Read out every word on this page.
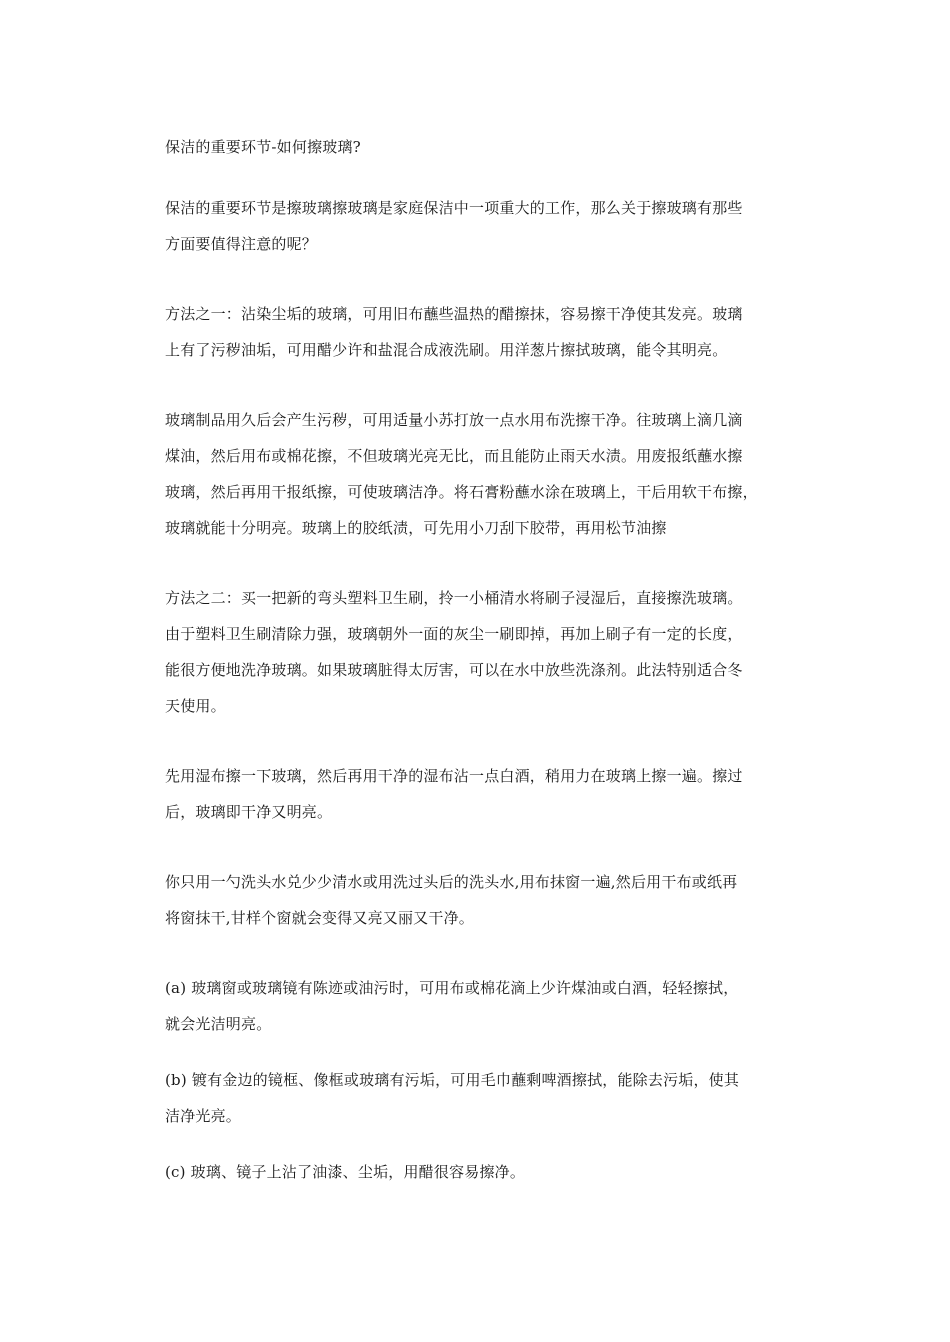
保洁的重要环节-如何擦玻璃?

保洁的重要环节是擦玻璃擦玻璃是家庭保洁中一项重大的工作，那么关于擦玻璃有那些

方面要值得注意的呢？

方法之一：沾染尘垢的玻璃，可用旧布蘸些温热的醋擦抹，容易擦干净使其发亮。玻璃

上有了污秽油垢，可用醋少许和盐混合成液洗刷。用洋葱片擦拭玻璃，能令其明亮。

玻璃制品用久后会产生污秽，可用适量小苏打放一点水用布洗擦干净。往玻璃上滴几滴

煤油，然后用布或棉花擦，不但玻璃光亮无比，而且能防止雨天水渍。用废报纸蘸水擦

玻璃，然后再用干报纸擦，可使玻璃洁净。将石膏粉蘸水涂在玻璃上，干后用软干布擦，

玻璃就能十分明亮。玻璃上的胶纸渍，可先用小刀刮下胶带，再用松节油擦

方法之二：买一把新的弯头塑料卫生刷，拎一小桶清水将刷子浸湿后，直接擦洗玻璃。

由于塑料卫生刷清除力强，玻璃朝外一面的灰尘一刷即掉，再加上刷子有一定的长度，

能很方便地洗净玻璃。如果玻璃脏得太厉害，可以在水中放些洗涤剂。此法特别适合冬

天使用。

先用湿布擦一下玻璃，然后再用干净的湿布沾一点白酒，稍用力在玻璃上擦一遍。擦过

后，玻璃即干净又明亮。

你只用一勺洗头水兑少少清水或用洗过头后的洗头水,用布抹窗一遍,然后用干布或纸再

将窗抹干,甘样个窗就会变得又亮又丽又干净。

(a) 玻璃窗或玻璃镜有陈迹或油污时，可用布或棉花滴上少许煤油或白酒，轻轻擦拭，

就会光洁明亮。

(b) 镀有金边的镜框、像框或玻璃有污垢，可用毛巾蘸剩啤酒擦拭，能除去污垢，使其

洁净光亮。

(c) 玻璃、镜子上沾了油漆、尘垢，用醋很容易擦净。
